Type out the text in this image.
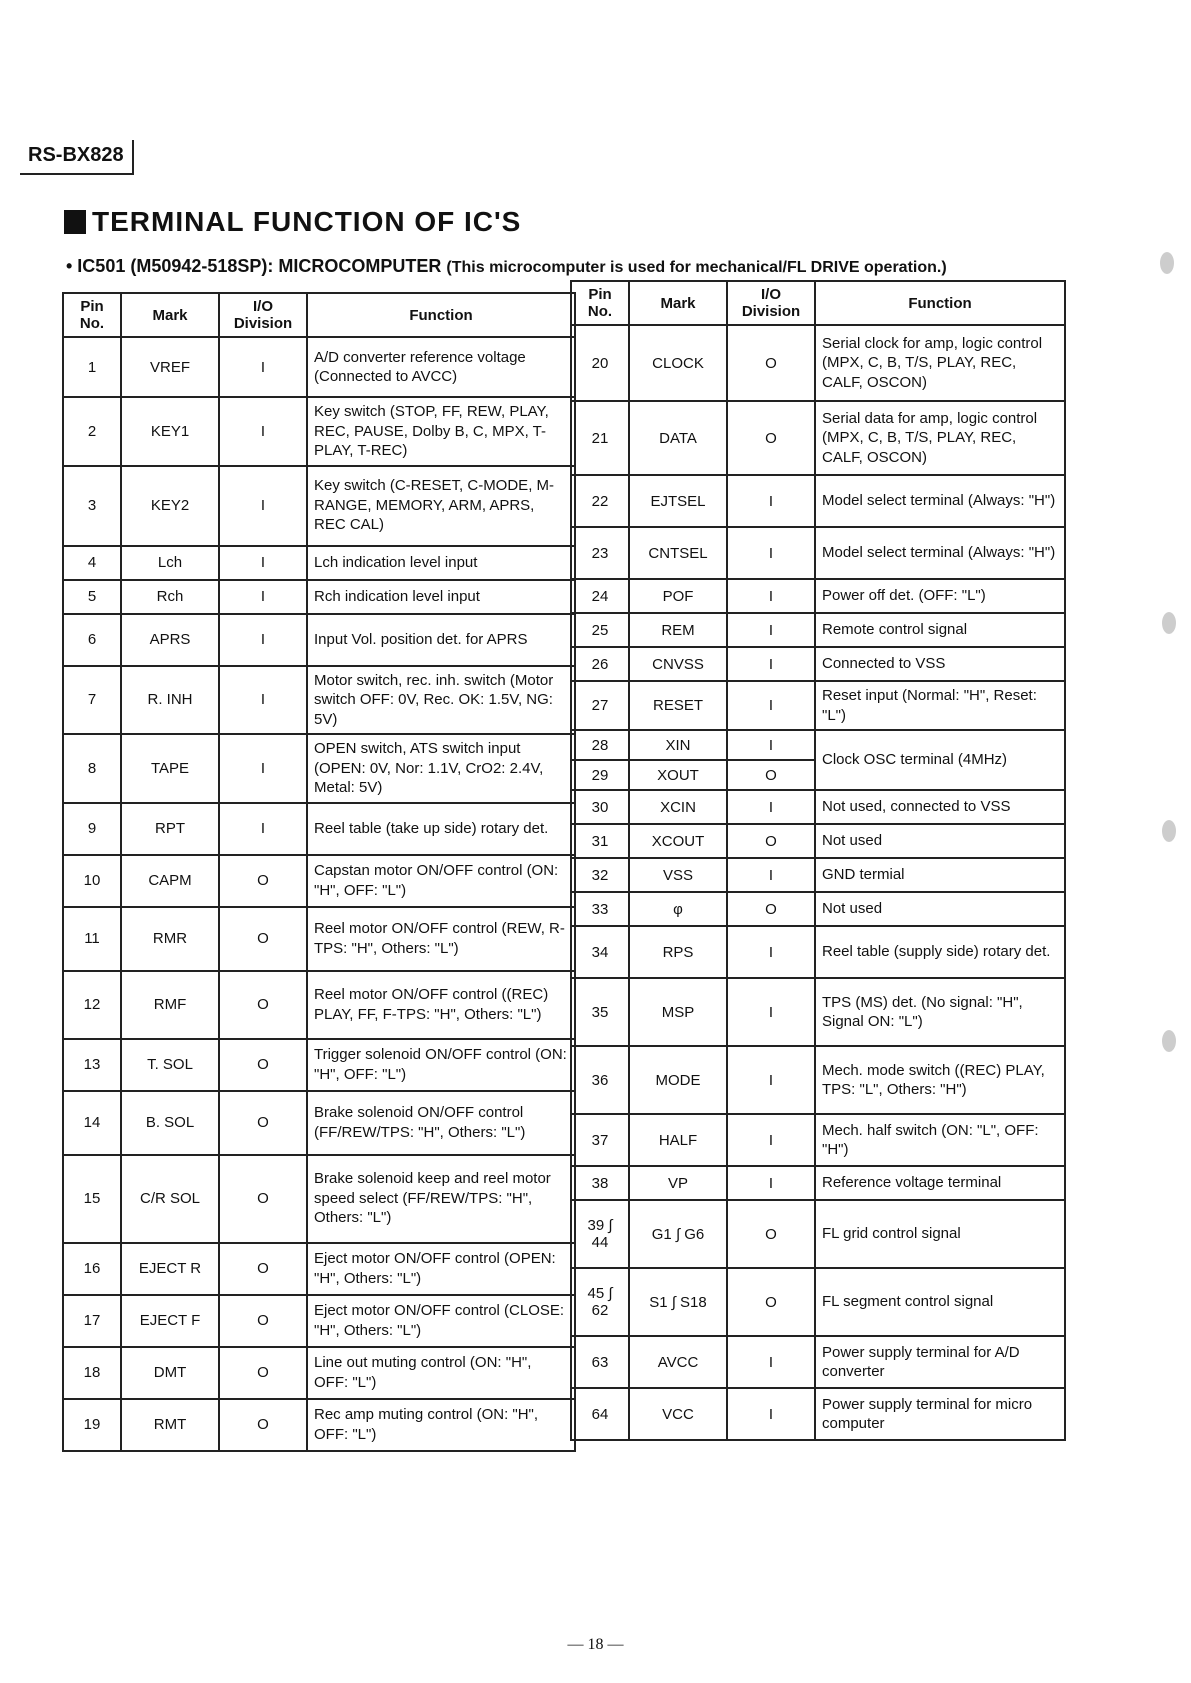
RS-BX828
TERMINAL FUNCTION OF IC'S
• IC501 (M50942-518SP): MICROCOMPUTER (This microcomputer is used for mechanical/FL DRIVE operation.)
Pin No.	Mark	I/O Division	Function
1	VREF	I	A/D converter reference voltage (Connected to AVCC)
2	KEY1	I	Key switch (STOP, FF, REW, PLAY, REC, PAUSE, Dolby B, C, MPX, T-PLAY, T-REC)
3	KEY2	I	Key switch (C-RESET, C-MODE, M-RANGE, MEMORY, ARM, APRS, REC CAL)
4	Lch	I	Lch indication level input
5	Rch	I	Rch indication level input
6	APRS	I	Input Vol. position det. for APRS
7	R. INH	I	Motor switch, rec. inh. switch (Motor switch OFF: 0V, Rec. OK: 1.5V, NG: 5V)
8	TAPE	I	OPEN switch, ATS switch input (OPEN: 0V, Nor: 1.1V, CrO2: 2.4V, Metal: 5V)
9	RPT	I	Reel table (take up side) rotary det.
10	CAPM	O	Capstan motor ON/OFF control (ON: "H", OFF: "L")
11	RMR	O	Reel motor ON/OFF control (REW, R-TPS: "H", Others: "L")
12	RMF	O	Reel motor ON/OFF control ((REC) PLAY, FF, F-TPS: "H", Others: "L")
13	T. SOL	O	Trigger solenoid ON/OFF control (ON: "H", OFF: "L")
14	B. SOL	O	Brake solenoid ON/OFF control (FF/REW/TPS: "H", Others: "L")
15	C/R SOL	O	Brake solenoid keep and reel motor speed select (FF/REW/TPS: "H", Others: "L")
16	EJECT R	O	Eject motor ON/OFF control (OPEN: "H", Others: "L")
17	EJECT F	O	Eject motor ON/OFF control (CLOSE: "H", Others: "L")
18	DMT	O	Line out muting control (ON: "H", OFF: "L")
19	RMT	O	Rec amp muting control (ON: "H", OFF: "L")
Pin No.	Mark	I/O Division	Function
20	CLOCK	O	Serial clock for amp, logic control (MPX, C, B, T/S, PLAY, REC, CALF, OSCON)
21	DATA	O	Serial data for amp, logic control (MPX, C, B, T/S, PLAY, REC, CALF, OSCON)
22	EJTSEL	I	Model select terminal (Always: "H")
23	CNTSEL	I	Model select terminal (Always: "H")
24	POF	I	Power off det. (OFF: "L")
25	REM	I	Remote control signal
26	CNVSS	I	Connected to VSS
27	RESET	I	Reset input (Normal: "H", Reset: "L")
28	XIN	I	Clock OSC terminal (4MHz)
29	XOUT	O	
30	XCIN	I	Not used, connected to VSS
31	XCOUT	O	Not used
32	VSS	I	GND termial
33	φ	O	Not used
34	RPS	I	Reel table (supply side) rotary det.
35	MSP	I	TPS (MS) det. (No signal: "H", Signal ON: "L")
36	MODE	I	Mech. mode switch ((REC) PLAY, TPS: "L", Others: "H")
37	HALF	I	Mech. half switch (ON: "L", OFF: "H")
38	VP	I	Reference voltage terminal
39 ∫ 44	G1 ∫ G6	O	FL grid control signal
45 ∫ 62	S1 ∫ S18	O	FL segment control signal
63	AVCC	I	Power supply terminal for A/D converter
64	VCC	I	Power supply terminal for micro computer
— 18 —
